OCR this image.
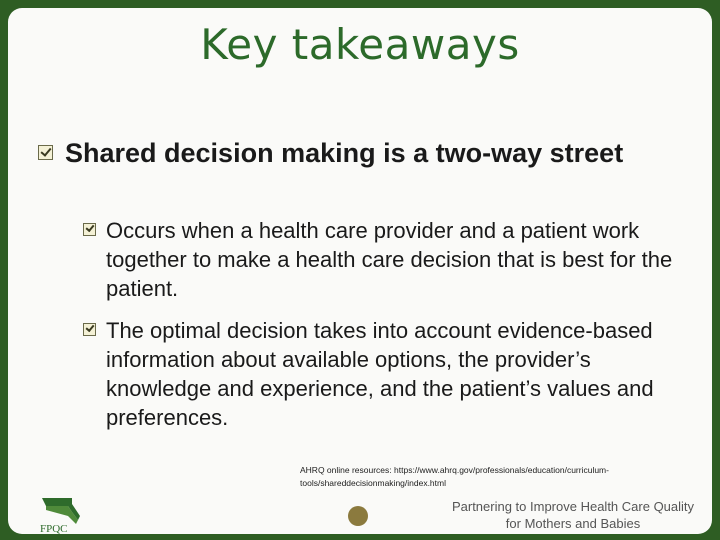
Key takeaways
Shared decision making is a two-way street
Occurs when a health care provider and a patient work together to make a health care decision that is best for the patient.
The optimal decision takes into account evidence-based information about available options, the provider’s knowledge and experience, and the patient’s values and preferences.
AHRQ online resources: https://www.ahrq.gov/professionals/education/curriculum-tools/shareddecisionmaking/index.html
FPQC
Partnering to Improve Health Care Quality
for Mothers and Babies
